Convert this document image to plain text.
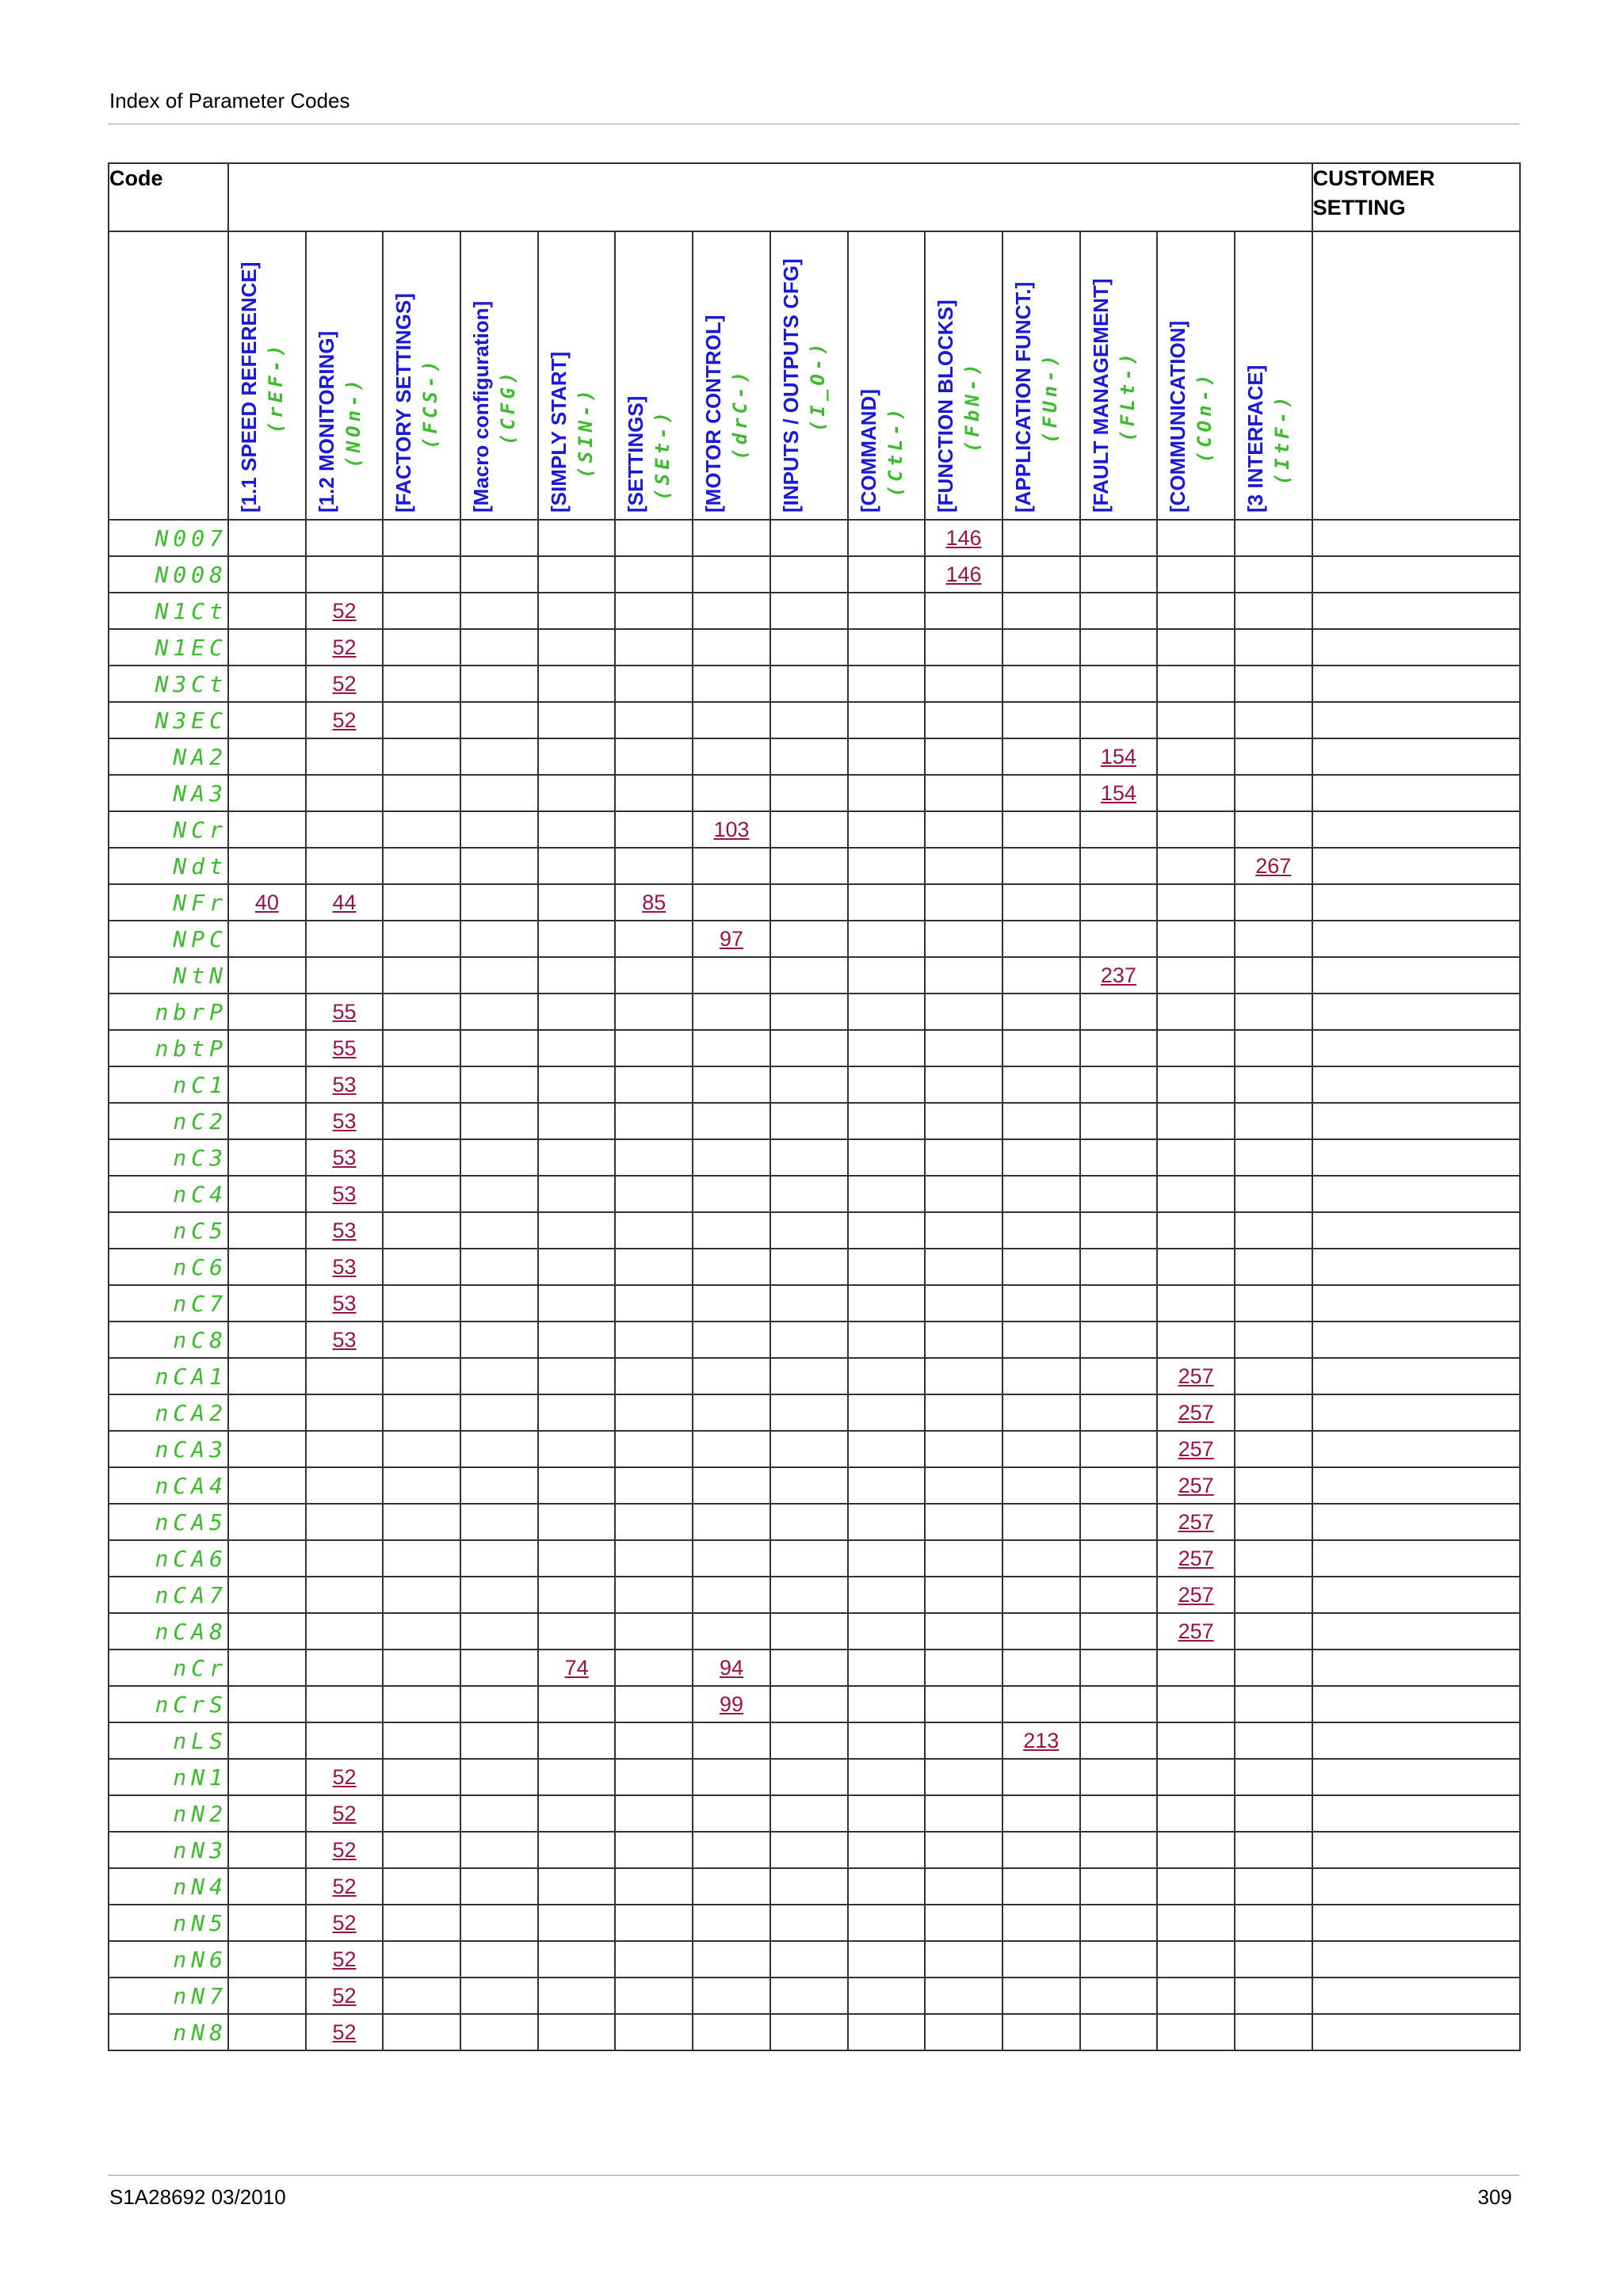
Index of Parameter Codes
Code															CUSTOMER SETTING

	[1.1 SPEED REFERENCE] (rEF-)	[1.2 MONITORING] (NOn-)	[FACTORY SETTINGS] (FCS-)	[Macro configuration] (CFG)	[SIMPLY START] (SIN-)	[SETTINGS] (SEt-)	[MOTOR CONTROL] (drC-)	[INPUTS / OUTPUTS CFG] (I_O-)	[COMMAND] (CtL-)	[FUNCTION BLOCKS] (FbN-)	[APPLICATION FUNCT.] (FUn-)	[FAULT MANAGEMENT] (FLt-)	[COMMUNICATION] (COn-)	[3 INTERFACE] (ItF-)	

N007										146					
N008										146					
N1Ct		52													
N1EC		52													
N3Ct		52													
N3EC		52													
NA2												154			
NA3												154			
NCr							103								
Ndt														267	
NFr	40	44				85									
NPC							97								
NtN												237			
nbrP		55													
nbtP		55													
nC1		53													
nC2		53													
nC3		53													
nC4		53													
nC5		53													
nC6		53													
nC7		53													
nC8		53													
nCA1													257		
nCA2													257		
nCA3													257		
nCA4													257		
nCA5													257		
nCA6													257		
nCA7													257		
nCA8													257		
nCr					74		94								
nCrS							99								
nLS											213				
nN1		52													
nN2		52													
nN3		52													
nN4		52													
nN5		52													
nN6		52													
nN7		52													
nN8		52													
S1A28692 03/2010	309
